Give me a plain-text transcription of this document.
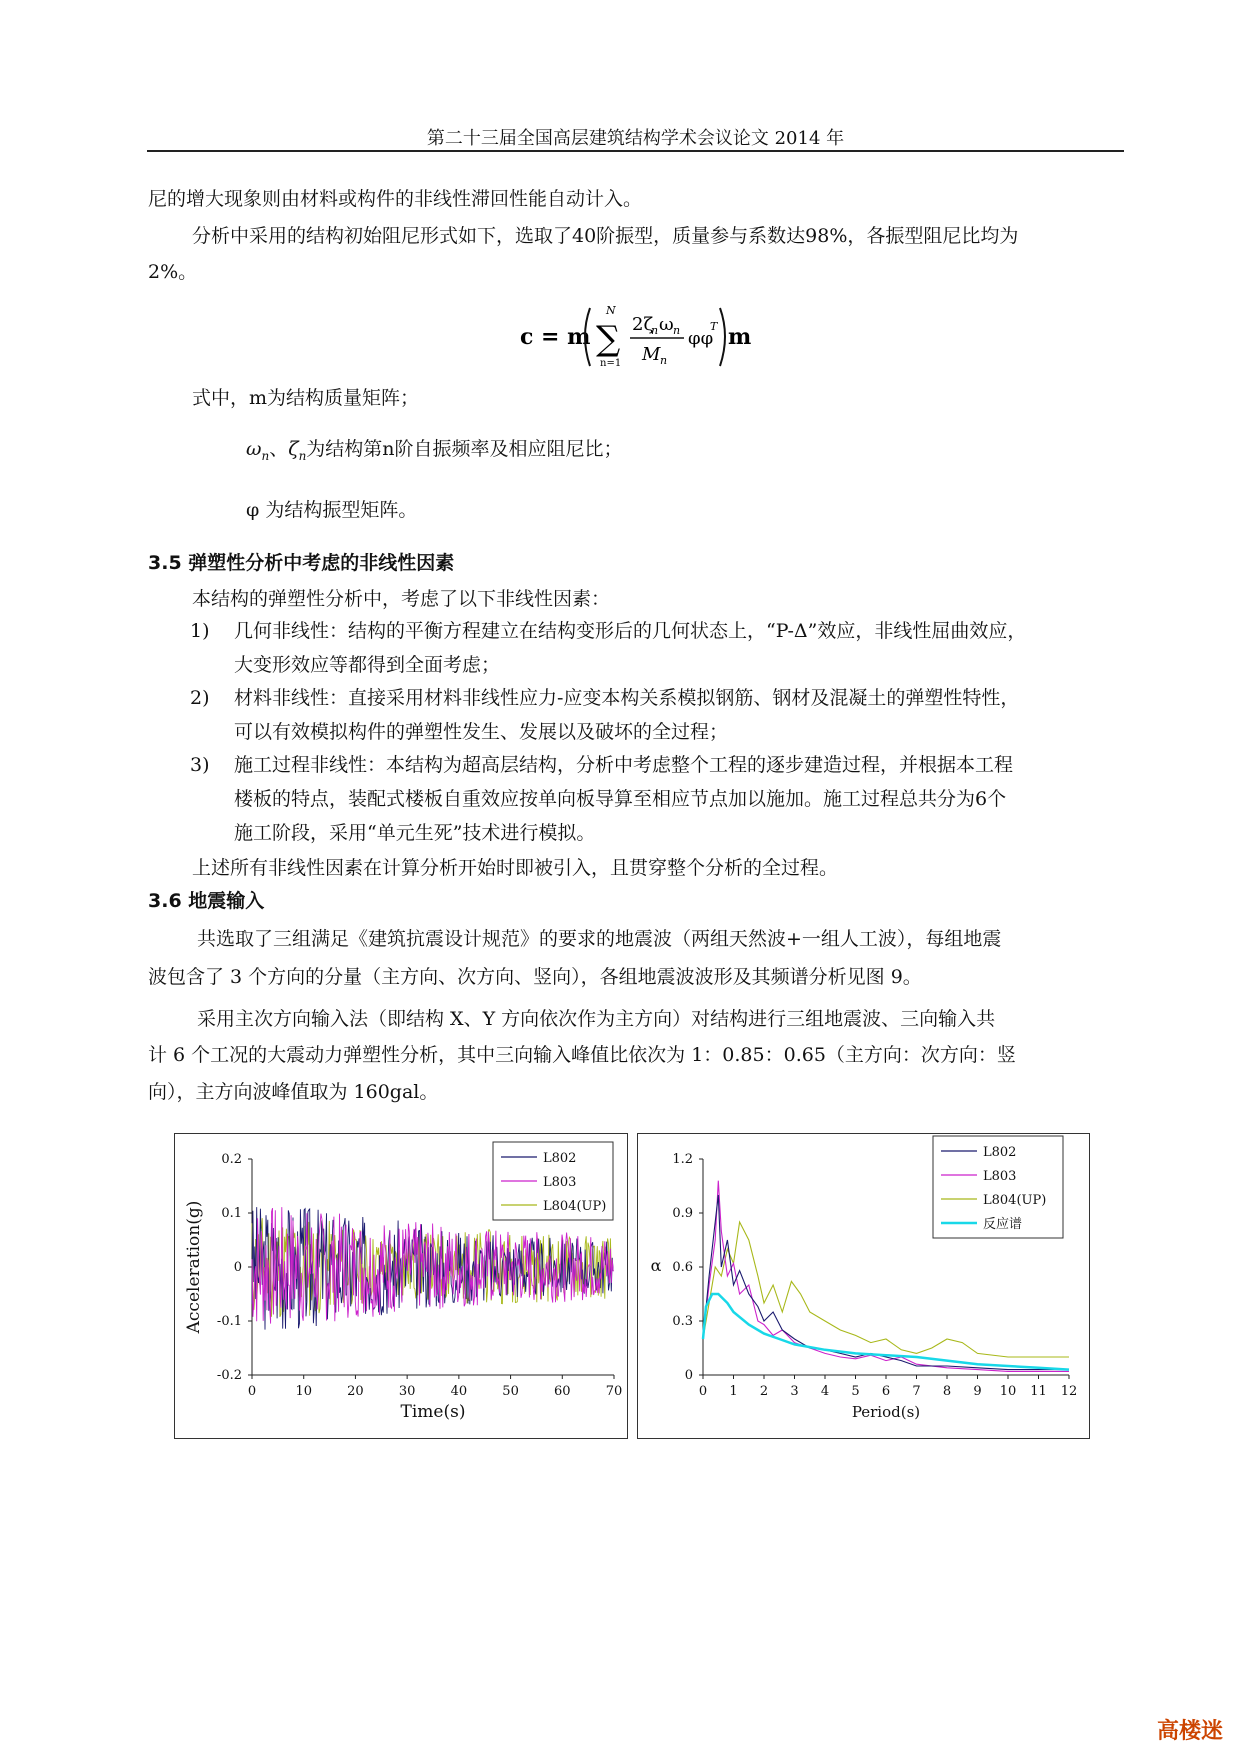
第二十三届全国高层建筑结构学术会议论文 2014 年
尼的增大现象则由材料或构件的非线性滞回性能自动计入。
分析中采用的结构初始阻尼形式如下，选取了40阶振型，质量参与系数达98%，各振型阻尼比均为
2%。
c = m
N
∑
n=1
2ζ
n ω n
M n
φφ
T m
式中，m为结构质量矩阵；
$\omega_n$、$\zeta_n$为结构第n阶自振频率及相应阻尼比；
φ 为结构振型矩阵。
3.5 弹塑性分析中考虑的非线性因素
本结构的弹塑性分析中，考虑了以下非线性因素：
1) 几何非线性：结构的平衡方程建立在结构变形后的几何状态上，“P-Δ”效应，非线性屈曲效应，
大变形效应等都得到全面考虑；
2) 材料非线性：直接采用材料非线性应力-应变本构关系模拟钢筋、钢材及混凝土的弹塑性特性，
可以有效模拟构件的弹塑性发生、发展以及破坏的全过程；
3) 施工过程非线性：本结构为超高层结构，分析中考虑整个工程的逐步建造过程，并根据本工程
楼板的特点，装配式楼板自重效应按单向板导算至相应节点加以施加。施工过程总共分为6个
施工阶段，采用“单元生死”技术进行模拟。
上述所有非线性因素在计算分析开始时即被引入，且贯穿整个分析的全过程。
3.6 地震输入
共选取了三组满足《建筑抗震设计规范》的要求的地震波（两组天然波+一组人工波），每组地震
波包含了 3 个方向的分量（主方向、次方向、竖向），各组地震波波形及其频谱分析见图 9。
采用主次方向输入法（即结构 X、Y 方向依次作为主方向）对结构进行三组地震波、三向输入共
计 6 个工况的大震动力弹塑性分析，其中三向输入峰值比依次为 1：0.85：0.65（主方向：次方向：竖
向），主方向波峰值取为 160gal。
0	10	20	30	40	50	60	70
0.2
0.1
0
-0.1
-0.2
Time(s)
Acceleration(g)
L802
L803
L804(UP)
0 1 2 3 4 5 6 7 8 9 10 11 12
1.2
0.9
0.6
0.3
0
Period(s)
α
L802
L803
L804(UP)
反应谱
高楼迷
